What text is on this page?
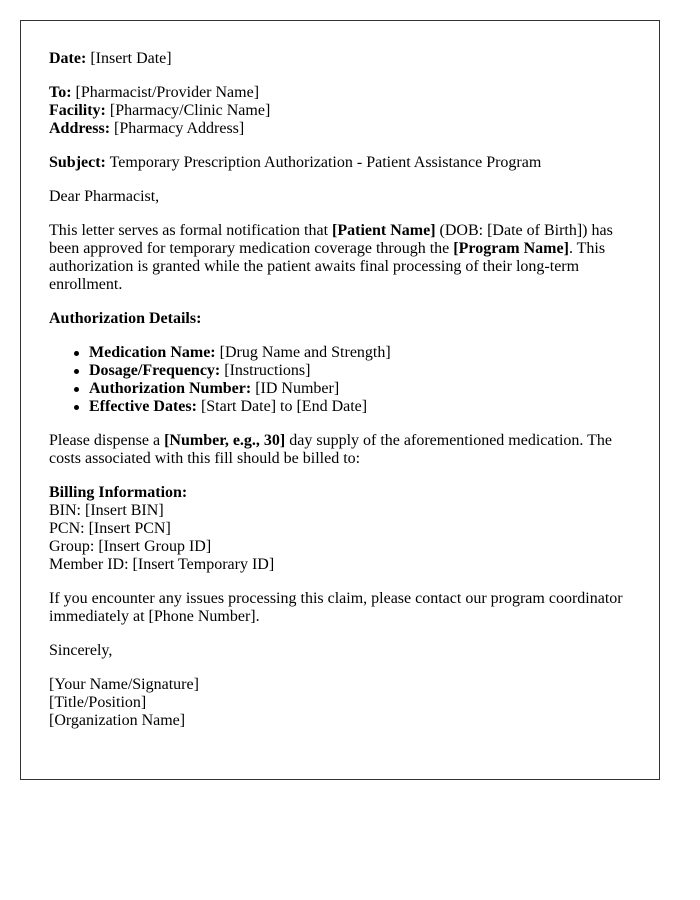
Date: [Insert Date]
To: [Pharmacist/Provider Name]
Facility: [Pharmacy/Clinic Name]
Address: [Pharmacy Address]
Subject: Temporary Prescription Authorization - Patient Assistance Program

Dear Pharmacist,

This letter serves as formal notification that [Patient Name] (DOB: [Date of Birth]) has been approved for temporary medication coverage through the [Program Name]. This authorization is granted while the patient awaits final processing of their long-term enrollment.

Authorization Details:
Medication Name: [Drug Name and Strength]
Dosage/Frequency: [Instructions]
Authorization Number: [ID Number]
Effective Dates: [Start Date] to [End Date]

Please dispense a [Number, e.g., 30] day supply of the aforementioned medication. The costs associated with this fill should be billed to:

Billing Information:
BIN: [Insert BIN]
PCN: [Insert PCN]
Group: [Insert Group ID]
Member ID: [Insert Temporary ID]

If you encounter any issues processing this claim, please contact our program coordinator immediately at [Phone Number].

Sincerely,

[Your Name/Signature]
[Title/Position]
[Organization Name]
